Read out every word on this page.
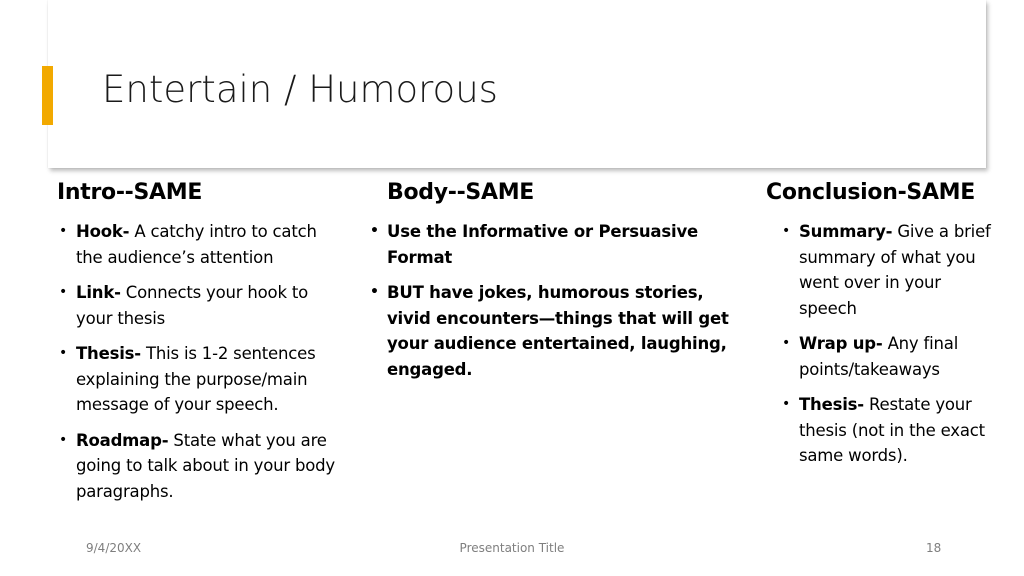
Entertain / Humorous
Intro--SAME
• Hook- A catchy intro to catch the audience’s attention
• Link- Connects your hook to your thesis
• Thesis- This is 1-2 sentences explaining the purpose/main message of your speech.
• Roadmap- State what you are going to talk about in your body paragraphs.
Body--SAME
• Use the Informative or Persuasive Format
• BUT have jokes, humorous stories, vivid encounters—things that will get your audience entertained, laughing, engaged.
Conclusion-SAME
• Summary- Give a brief summary of what you went over in your speech
• Wrap up- Any final points/takeaways
• Thesis- Restate your thesis (not in the exact same words).
9/4/20XX	Presentation Title	18
